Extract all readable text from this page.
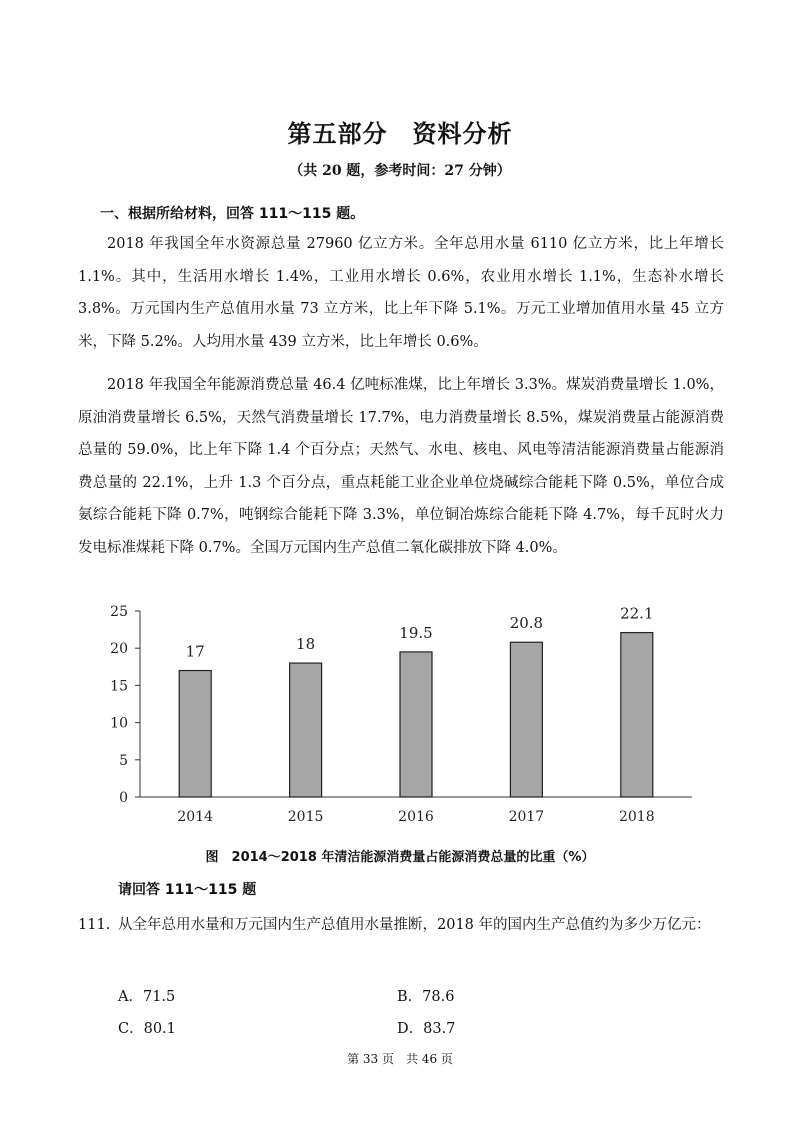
第五部分　资料分析
（共 20 题，参考时间：27 分钟）
一、根据所给材料，回答 111～115 题。

2018 年我国全年水资源总量 27960 亿立方米。全年总用水量 6110 亿立方米，比上年增长 1.1%。其中，生活用水增长 1.4%，工业用水增长 0.6%，农业用水增长 1.1%，生态补水增长 3.8%。万元国内生产总值用水量 73 立方米，比上年下降 5.1%。万元工业增加值用水量 45 立方米，下降 5.2%。人均用水量 439 立方米，比上年增长 0.6%。

2018 年我国全年能源消费总量 46.4 亿吨标准煤，比上年增长 3.3%。煤炭消费量增长 1.0%，原油消费量增长 6.5%，天然气消费量增长 17.7%，电力消费量增长 8.5%，煤炭消费量占能源消费总量的 59.0%，比上年下降 1.4 个百分点；天然气、水电、核电、风电等清洁能源消费量占能源消费总量的 22.1%，上升 1.3 个百分点，重点耗能工业企业单位烧碱综合能耗下降 0.5%，单位合成氨综合能耗下降 0.7%，吨钢综合能耗下降 3.3%，单位铜冶炼综合能耗下降 4.7%，每千瓦时火力发电标准煤耗下降 0.7%。全国万元国内生产总值二氧化碳排放下降 4.0%。

0
5
10
15
20
25
17	18
19.5
20.8
22.1
2014	2015	2016	2017	2018
图　2014～2018 年清洁能源消费量占能源消费总量的比重（%）
请回答 111～115 题
111. 从全年总用水量和万元国内生产总值用水量推断，2018 年的国内生产总值约为多少万亿元：
A．71.5	B．78.6
C．80.1	D．83.7
第 33 页　共 46 页
